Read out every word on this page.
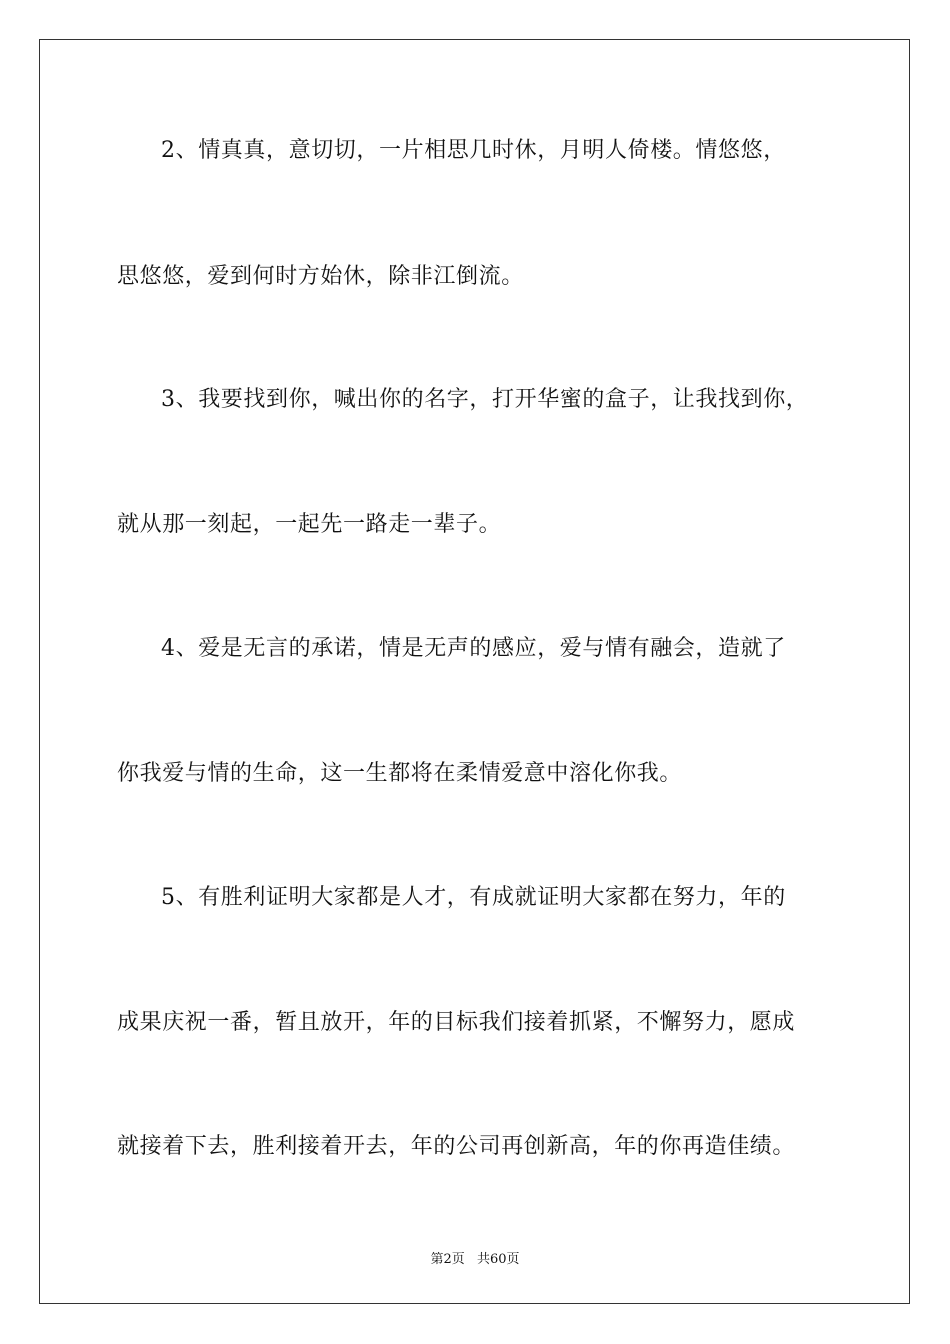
2、情真真，意切切，一片相思几时休，月明人倚楼。情悠悠，
思悠悠，爱到何时方始休，除非江倒流。
3、我要找到你，喊出你的名字，打开华蜜的盒子，让我找到你，
就从那一刻起，一起先一路走一辈子。
4、爱是无言的承诺，情是无声的感应，爱与情有融会，造就了
你我爱与情的生命，这一生都将在柔情爱意中溶化你我。
5、有胜利证明大家都是人才，有成就证明大家都在努力，年的
成果庆祝一番，暂且放开，年的目标我们接着抓紧，不懈努力，愿成
就接着下去，胜利接着开去，年的公司再创新高，年的你再造佳绩。
第2页 共60页
